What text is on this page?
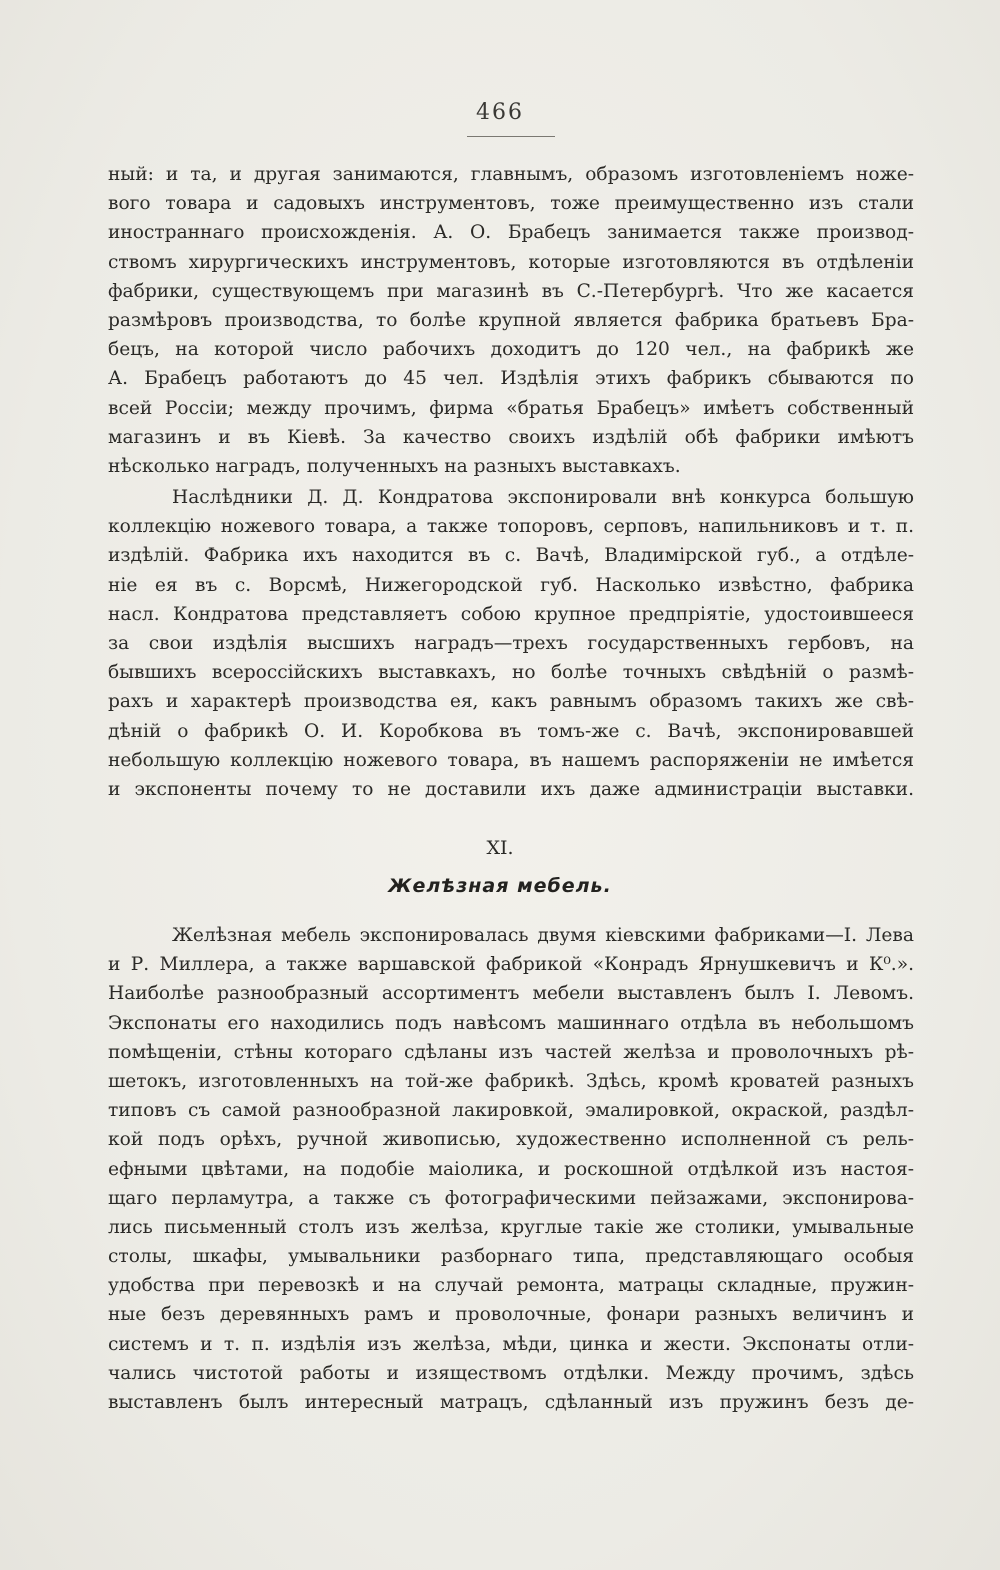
466
ный: и та, и другая занимаются, главнымъ, образомъ изготовленіемъ ноже-
вого товара и садовыхъ инструментовъ, тоже преимущественно изъ стали
иностраннаго происхожденія. А. О. Брабецъ занимается также производ-
ствомъ хирургическихъ инструментовъ, которые изготовляются въ отдѣленіи
фабрики, существующемъ при магазинѣ въ С.-Петербургѣ. Что же касается
размѣровъ производства, то болѣе крупной является фабрика братьевъ Бра-
бецъ, на которой число рабочихъ доходитъ до 120 чел., на фабрикѣ же
А. Брабецъ работаютъ до 45 чел. Издѣлія этихъ фабрикъ сбываются по
всей Россіи; между прочимъ, фирма «братья Брабецъ» имѣетъ собственный
магазинъ и въ Кіевѣ. За качество своихъ издѣлій обѣ фабрики имѣютъ
нѣсколько наградъ, полученныхъ на разныхъ выставкахъ.
Наслѣдники Д. Д. Кондратова экспонировали внѣ конкурса большую
коллекцію ножевого товара, а также топоровъ, серповъ, напильниковъ и т. п.
издѣлій. Фабрика ихъ находится въ с. Вачѣ, Владимірской губ., а отдѣле-
ніе ея въ с. Ворсмѣ, Нижегородской губ. Насколько извѣстно, фабрика
насл. Кондратова представляетъ собою крупное предпріятіе, удостоившееся
за свои издѣлія высшихъ наградъ—трехъ государственныхъ гербовъ, на
бывшихъ всероссійскихъ выставкахъ, но болѣе точныхъ свѣдѣній о размѣ-
рахъ и характерѣ производства ея, какъ равнымъ образомъ такихъ же свѣ-
дѣній о фабрикѣ О. И. Коробкова въ томъ-же с. Вачѣ, экспонировавшей
небольшую коллекцію ножевого товара, въ нашемъ распоряженіи не имѣется
и экспоненты почему то не доставили ихъ даже администраціи выставки.
XI.
Желѣзная мебель.
Желѣзная мебель экспонировалась двумя кіевскими фабриками—І. Лева
и Р. Миллера, а также варшавской фабрикой «Конрадъ Ярнушкевичъ и К⁰.».
Наиболѣе разнообразный ассортиментъ мебели выставленъ былъ І. Левомъ.
Экспонаты его находились подъ навѣсомъ машиннаго отдѣла въ небольшомъ
помѣщеніи, стѣны котораго сдѣланы изъ частей желѣза и проволочныхъ рѣ-
шетокъ, изготовленныхъ на той-же фабрикѣ. Здѣсь, кромѣ кроватей разныхъ
типовъ съ самой разнообразной лакировкой, эмалировкой, окраской, раздѣл-
кой подъ орѣхъ, ручной живописью, художественно исполненной съ рель-
ефными цвѣтами, на подобіе маіолика, и роскошной отдѣлкой изъ настоя-
щаго перламутра, а также съ фотографическими пейзажами, экспонирова-
лись письменный столъ изъ желѣза, круглые такіе же столики, умывальные
столы, шкафы, умывальники разборнаго типа, представляющаго особыя
удобства при перевозкѣ и на случай ремонта, матрацы складные, пружин-
ные безъ деревянныхъ рамъ и проволочные, фонари разныхъ величинъ и
системъ и т. п. издѣлія изъ желѣза, мѣди, цинка и жести. Экспонаты отли-
чались чистотой работы и изяществомъ отдѣлки. Между прочимъ, здѣсь
выставленъ былъ интересный матрацъ, сдѣланный изъ пружинъ безъ де-
